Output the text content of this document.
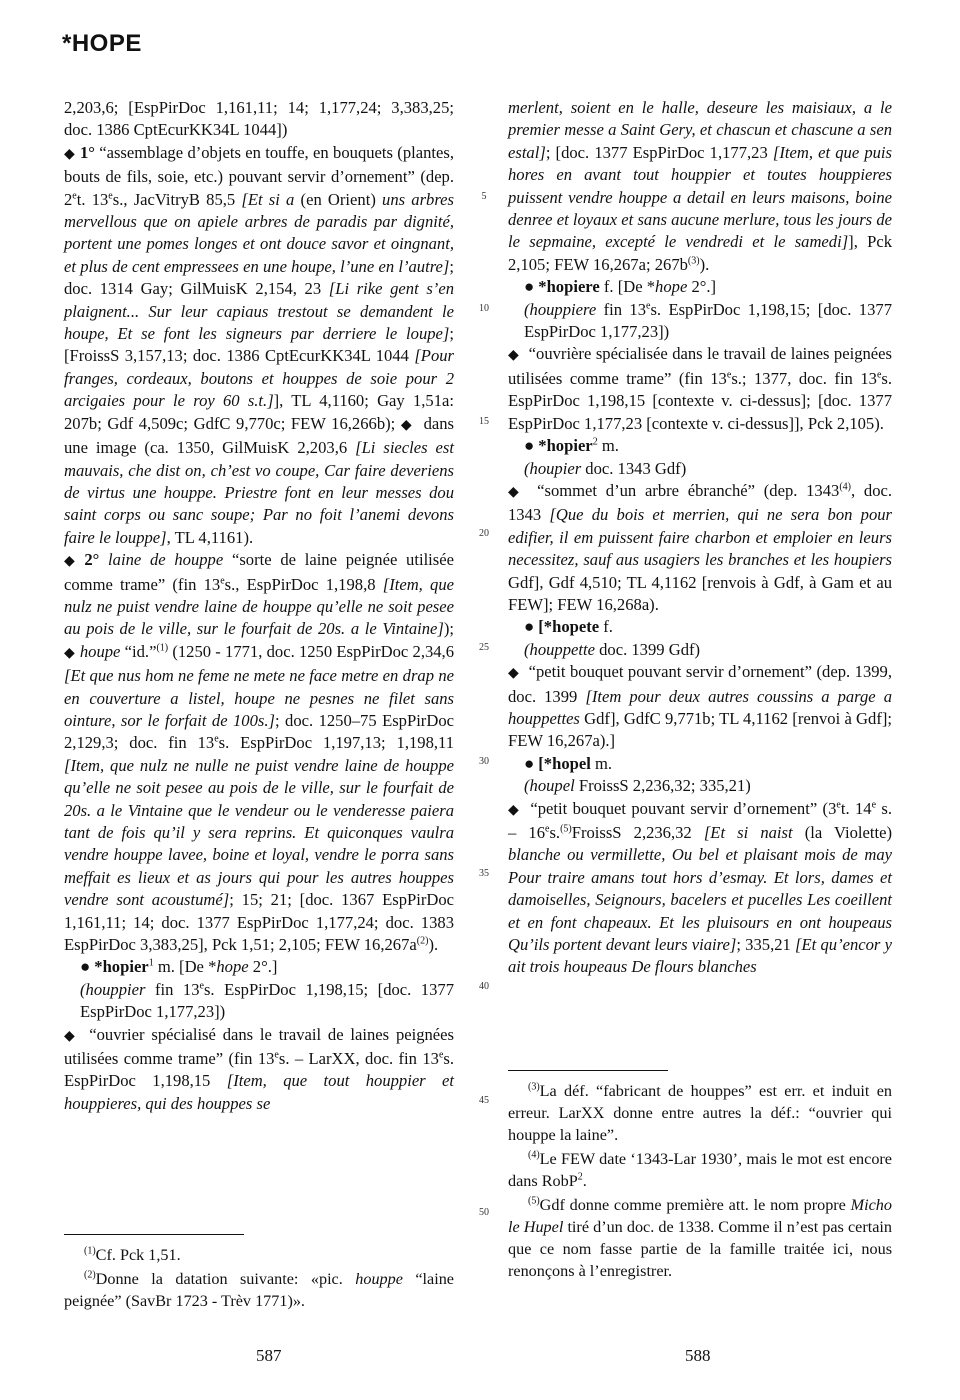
*HOPE

2,203,6; [EspPirDoc 1,161,11; 14; 1,177,24; 3,383,25; doc. 1386 CptEcurKK34L 1044])

◆ 1° “assemblage d’objets en touffe, en bouquets (plantes, bouts de fils, soie, etc.) pouvant servir d’ornement” (dep. 2et. 13es., JacVitryB 85,5 [Et si a (en Orient) uns arbres mervellous que on apiele arbres de paradis par dignité, portent une pomes longes et ont douce savor et oingnant, et plus de cent empressees en une houpe, l’une en l’autre]; doc. 1314 Gay; GilMuisK 2,154, 23 [Li rike gent s’en plaignent... Sur leur capiaus trestout se demandent le houpe, Et se font les signeurs par derriere le loupe]; [FroissS 3,157,13; doc. 1386 CptEcurKK34L 1044 [Pour franges, cordeaux, boutons et houppes de soie pour 2 arcigaies pour le roy 60 s.t.]], TL 4,1160; Gay 1,51a: 207b; Gdf 4,509c; GdfC 9,770c; FEW 16,266b); ◆ dans une image (ca. 1350, GilMuisK 2,203,6 [Li siecles est mauvais, che dist on, ch’est vo coupe, Car faire deveriens de virtus une houppe. Priestre font en leur messes dou saint corps ou sanc soupe; Par no foit l’anemi devons faire le louppe], TL 4,1161).

◆ 2° laine de houppe “sorte de laine peignée utilisée comme trame” (fin 13es., EspPirDoc 1,198,8 [Item, que nulz ne puist vendre laine de houppe qu’elle ne soit pesee au pois de le ville, sur le fourfait de 20s. a le Vintaine]); ◆ houpe “id.”$^{(1)}$ (1250 - 1771, doc. 1250 EspPirDoc 2,34,6 [Et que nus hom ne feme ne mete ne face metre en drap ne en couverture a listel, houpe ne pesnes ne filet sans ointure, sor le forfait de 100s.]; doc. 1250–75 EspPirDoc 2,129,3; doc. fin 13es. EspPirDoc 1,197,13; 1,198,11 [Item, que nulz ne nulle ne puist vendre laine de houppe qu’elle ne soit pesee au pois de le ville, sur le fourfait de 20s. a le Vintaine que le vendeur ou le venderesse paiera tant de fois qu’il y sera reprins. Et quiconques vaulra vendre houppe lavee, boine et loyal, vendre le porra sans meffait es lieux et as jours qui pour les autres houppes vendre sont acoustumé]; 15; 21; [doc. 1367 EspPirDoc 1,161,11; 14; doc. 1377 EspPirDoc 1,177,24; doc. 1383 EspPirDoc 3,383,25], Pck 1,51; 2,105; FEW $16,267a^{(2)}$).

● *hopier$^1$ m. [De *hope 2°.]

(houppier fin 13es. EspPirDoc 1,198,15; [doc. 1377 EspPirDoc 1,177,23])

◆ “ouvrier spécialisé dans le travail de laines peignées utilisées comme trame” (fin 13es. – LarXX, doc. fin 13es. EspPirDoc 1,198,15 [Item, que tout houppier et houppieres, qui des houppes se

$^{(1)}$Cf. Pck 1,51.

$^{(2)}$Donne la datation suivante: «pic. houppe “laine peignée” (SavBr 1723 - Trèv 1771)».

5
10
15
20
25
30
35
40
45
50

merlent, soient en le halle, deseure les maisiaux, a le premier messe a Saint Gery, et chascun et chascune a sen estal]; [doc. 1377 EspPirDoc 1,177,23 [Item, et que puis hores en avant tout houppier et toutes houppieres puissent vendre houppe a detail en leurs maisons, boine denree et loyaux et sans aucune merlure, tous les jours de le sepmaine, excepté le vendredi et le samedi]], Pck 2,105; FEW 16,267a; $267b^{(3)}$).

● *hopiere f. [De *hope 2°.]

(houppiere fin 13es. EspPirDoc 1,198,15; [doc. 1377 EspPirDoc 1,177,23])

◆ “ouvrière spécialisée dans le travail de laines peignées utilisées comme trame” (fin 13es.; 1377, doc. fin 13es. EspPirDoc 1,198,15 [contexte v. ci-dessus]; [doc. 1377 EspPirDoc 1,177,23 [contexte v. ci-dessus]], Pck 2,105).

● *hopier$^2$ m.

(houpier doc. 1343 Gdf)

◆ “sommet d’un arbre ébranché” (dep. 1343$^{(4)}$, doc. 1343 [Que du bois et merrien, qui ne sera bon pour edifier, il em puissent faire charbon et emploier en leurs necessitez, sauf aus usagiers les branches et les houpiers Gdf], Gdf 4,510; TL 4,1162 [renvois à Gdf, à Gam et au FEW]; FEW 16,268a).

● [*hopete f.

(houppette doc. 1399 Gdf)

◆ “petit bouquet pouvant servir d’ornement” (dep. 1399, doc. 1399 [Item pour deux autres coussins a parge a houppettes Gdf], GdfC 9,771b; TL 4,1162 [renvoi à Gdf]; FEW 16,267a).]

● [*hopel m.

(houpel FroissS 2,236,32; 335,21)

◆ “petit bouquet pouvant servir d’ornement” (3et. 14e s. – 16es.$^{(5)}$FroissS 2,236,32 [Et si naist (la Violette) blanche ou vermillette, Ou bel et plaisant mois de may Pour traire amans tout hors d’esmay. Et lors, dames et damoiselles, Seignours, bacelers et pucelles Les coeillent et en font chapeaux. Et les pluisours en ont houpeaus Qu’ils portent devant leurs viaire]; 335,21 [Et qu’encor y ait trois houpeaus De flours blanches

$^{(3)}$La déf. “fabricant de houppes” est err. et induit en erreur. LarXX donne entre autres la déf.: “ouvrier qui houppe la laine”.

$^{(4)}$Le FEW date ‘1343-Lar 1930’, mais le mot est encore dans RobP$^2$.

$^{(5)}$Gdf donne comme première att. le nom propre Micho le Hupel tiré d’un doc. de 1338. Comme il n’est pas certain que ce nom fasse partie de la famille traitée ici, nous renonçons à l’enregistrer.

587	588
